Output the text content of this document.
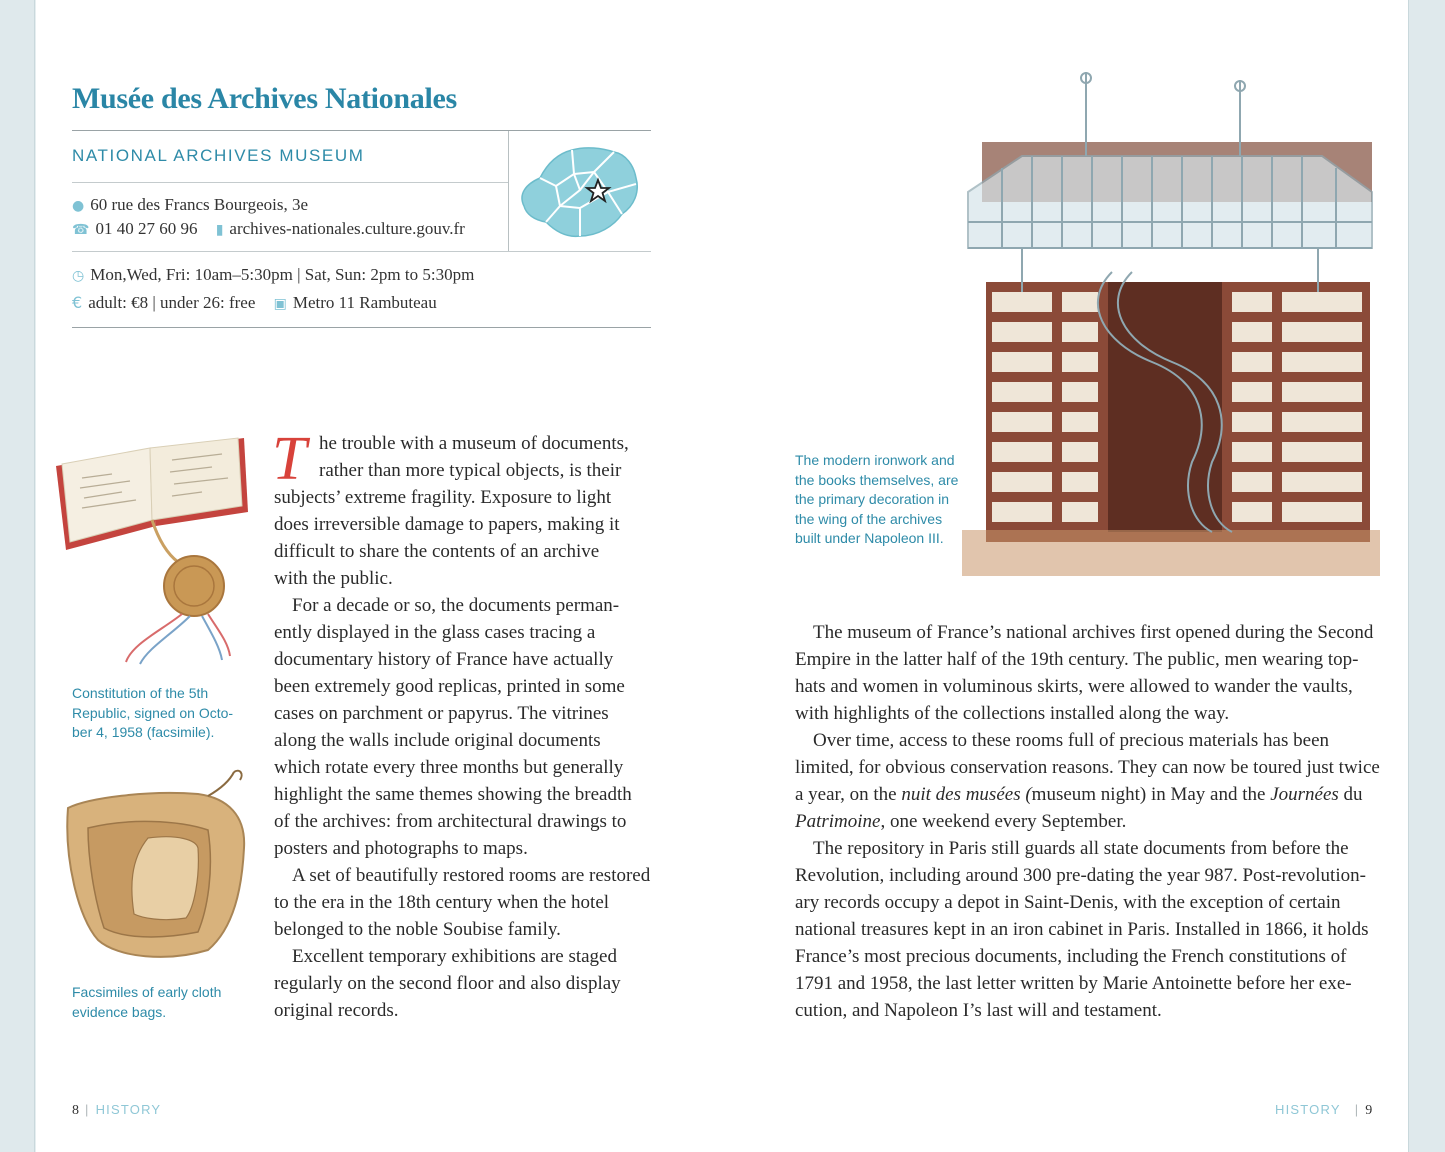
Musée des Archives Nationales
NATIONAL ARCHIVES MUSEUM
● 60 rue des Francs Bourgeois, 3e
☎ 01 40 27 60 96 ▮ archives-nationales.culture.gouv.fr
◷ Mon,Wed, Fri: 10am–5:30pm | Sat, Sun: 2pm to 5:30pm
€ adult: €8 | under 26: free ▣ Metro 11 Rambuteau
Constitution of the 5th
Republic, signed on Octo-
ber 4, 1958 (facsimile).
Facsimiles of early cloth
evidence bags.
The modern ironwork and
the books themselves, are
the primary decoration in
the wing of the archives
built under Napoleon III.
T he trouble with a museum of documents,
rather than more typical objects, is their
subjects’ extreme fragility. Exposure to light
does irreversible damage to papers, making it
difficult to share the contents of an archive
with the public.
For a decade or so, the documents perman-
ently displayed in the glass cases tracing a
documentary history of France have actually
been extremely good replicas, printed in some
cases on parchment or papyrus. The vitrines
along the walls include original documents
which rotate every three months but generally
highlight the same themes showing the breadth
of the archives: from architectural drawings to
posters and photographs to maps.
A set of beautifully restored rooms are restored
to the era in the 18th century when the hotel
belonged to the noble Soubise family.
Excellent temporary exhibitions are staged
regularly on the second floor and also display
original records.
The museum of France’s national archives first opened during the Second
Empire in the latter half of the 19th century. The public, men wearing top-
hats and women in voluminous skirts, were allowed to wander the vaults,
with highlights of the collections installed along the way.
Over time, access to these rooms full of precious materials has been
limited, for obvious conservation reasons. They can now be toured just twice
a year, on the nuit des musées (museum night) in May and the Journées du
Patrimoine, one weekend every September.
The repository in Paris still guards all state documents from before the
Revolution, including around 300 pre-dating the year 987. Post-revolution-
ary records occupy a depot in Saint-Denis, with the exception of certain
national treasures kept in an iron cabinet in Paris. Installed in 1866, it holds
France’s most precious documents, including the French constitutions of
1791 and 1958, the last letter written by Marie Antoinette before her exe-
cution, and Napoleon I’s last will and testament.
8 | HISTORY	HISTORY | 9
